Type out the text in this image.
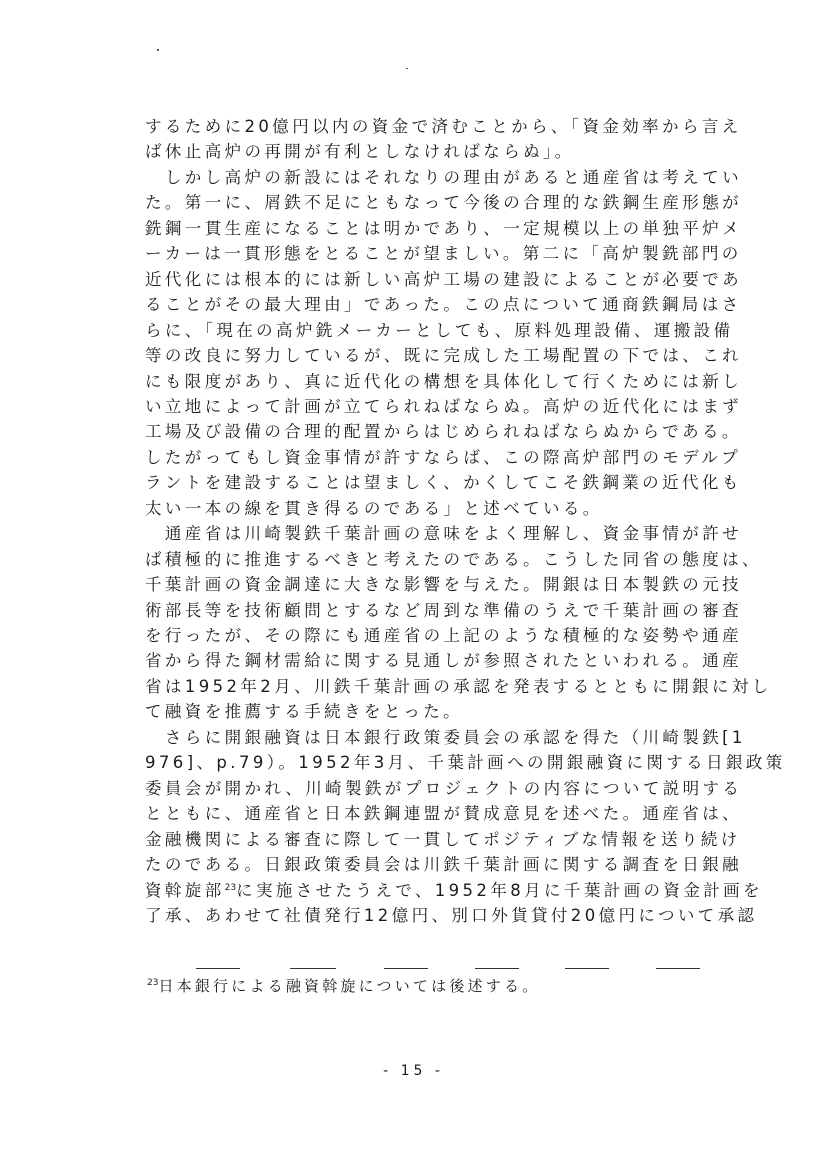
するために20億円以内の資金で済むことから、「資金効率から言え
ば休止高炉の再開が有利としなければならぬ」。
　しかし高炉の新設にはそれなりの理由があると通産省は考えてい
た。第一に、屑鉄不足にともなって今後の合理的な鉄鋼生産形態が
銑鋼一貫生産になることは明かであり、一定規模以上の単独平炉メ
ーカーは一貫形態をとることが望ましい。第二に「高炉製銑部門の
近代化には根本的には新しい高炉工場の建設によることが必要であ
ることがその最大理由」であった。この点について通商鉄鋼局はさ
らに、「現在の高炉銑メーカーとしても、原料処理設備、運搬設備
等の改良に努力しているが、既に完成した工場配置の下では、これ
にも限度があり、真に近代化の構想を具体化して行くためには新し
い立地によって計画が立てられねばならぬ。高炉の近代化にはまず
工場及び設備の合理的配置からはじめられねばならぬからである。
したがってもし資金事情が許すならば、この際高炉部門のモデルプ
ラントを建設することは望ましく、かくしてこそ鉄鋼業の近代化も
太い一本の線を貫き得るのである」と述べている。
　通産省は川崎製鉄千葉計画の意味をよく理解し、資金事情が許せ
ば積極的に推進するべきと考えたのである。こうした同省の態度は、
千葉計画の資金調達に大きな影響を与えた。開銀は日本製鉄の元技
術部長等を技術顧問とするなど周到な準備のうえで千葉計画の審査
を行ったが、その際にも通産省の上記のような積極的な姿勢や通産
省から得た鋼材需給に関する見通しが参照されたといわれる。通産
省は1952年2月、川鉄千葉計画の承認を発表するとともに開銀に対し
て融資を推薦する手続きをとった。
　さらに開銀融資は日本銀行政策委員会の承認を得た（川崎製鉄[1
976]、p.79）。1952年3月、千葉計画への開銀融資に関する日銀政策
委員会が開かれ、川崎製鉄がプロジェクトの内容について説明する
とともに、通産省と日本鉄鋼連盟が賛成意見を述べた。通産省は、
金融機関による審査に際して一貫してポジティブな情報を送り続け
たのである。日銀政策委員会は川鉄千葉計画に関する調査を日銀融
資斡旋部$^{23}$に実施させたうえで、1952年8月に千葉計画の資金計画を
了承、あわせて社債発行12億円、別口外貨貸付20億円について承認
$^{23}$日本銀行による融資斡旋については後述する。
- 15 -
